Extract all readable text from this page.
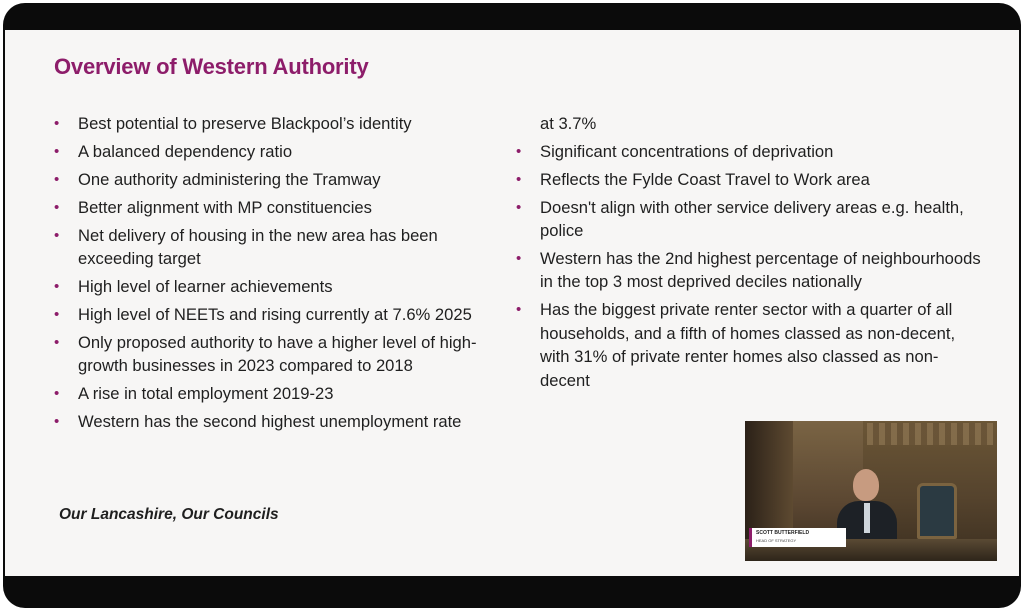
Overview of Western Authority
• Best potential to preserve Blackpool’s identity
• A balanced dependency ratio
• One authority administering the Tramway
• Better alignment with MP constituencies
• Net delivery of housing in the new area has been exceeding target
• High level of learner achievements
• High level of NEETs and rising currently at 7.6% 2025
• Only proposed authority to have a higher level of high-growth businesses in 2023 compared to 2018
• A rise in total employment 2019-23
• Western has the second highest unemployment rate
at 3.7%
• Significant concentrations of deprivation
• Reflects the Fylde Coast Travel to Work area
• Doesn't align with other service delivery areas e.g. health, police
• Western has the 2nd highest percentage of neighbourhoods in the top 3 most deprived deciles nationally
• Has the biggest private renter sector with a quarter of all households, and a fifth of homes classed as non-decent, with 31% of private renter homes also classed as non-decent
Our Lancashire, Our Councils
SCOTT BUTTERFIELD
HEAD OF STRATEGY
